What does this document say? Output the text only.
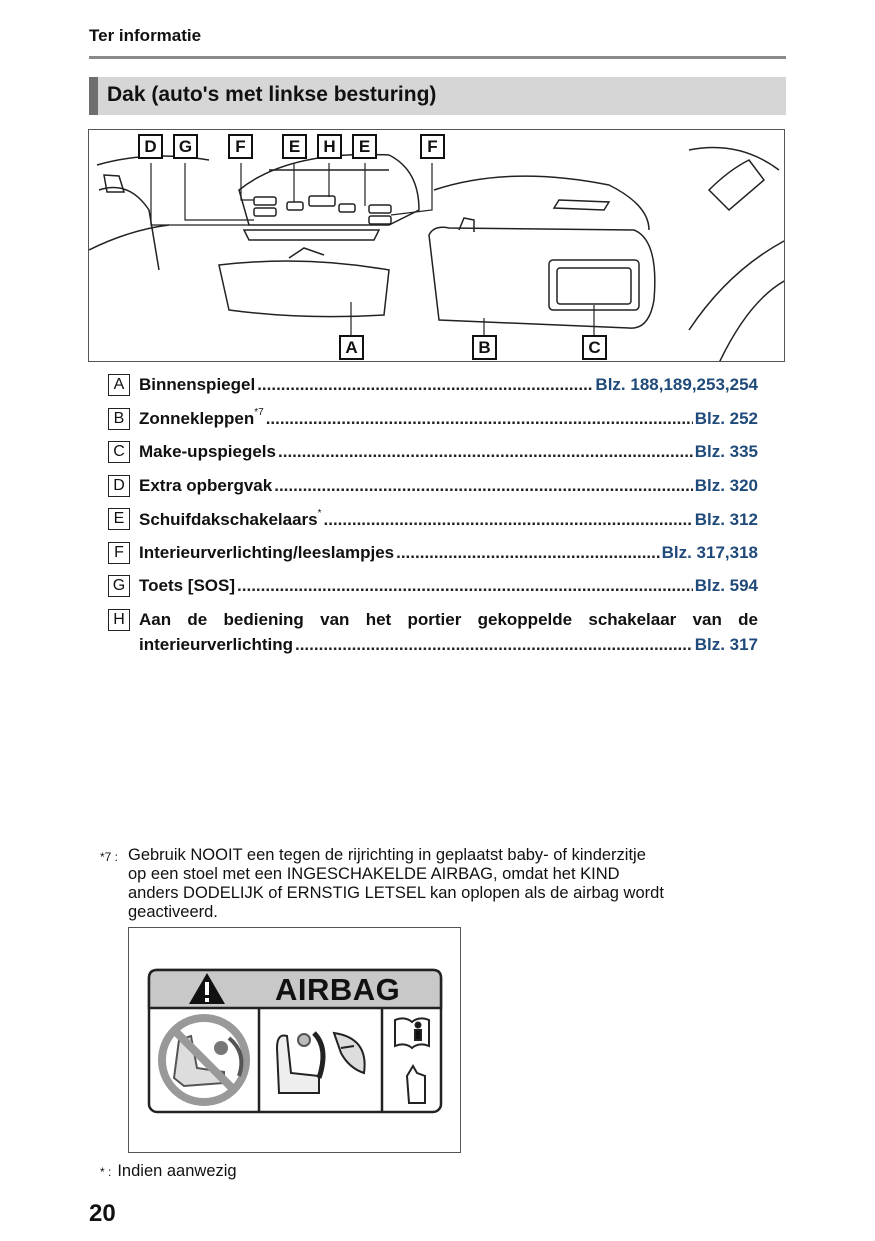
Ter informatie
Dak (auto's met linkse besturing)
D	G	F	E	H	E	F
A	B	C
A Binnenspiegel .....	Blz. 188,189,253,254
B Zonnekleppen$^{*7}$ .....	Blz. 252
C Make-upspiegels .....	Blz. 335
D Extra opbergvak .....	Blz. 320
E Schuifdakschakelaars* .....	Blz. 312
F Interieurverlichting/leeslampjes .....	Blz. 317,318
G Toets [SOS] .....	Blz. 594
H Aan de bediening van het portier gekoppelde schakelaar van de
interieurverlichting .....	Blz. 317
*7 : Gebruik NOOIT een tegen de rijrichting in geplaatst baby- of kinderzitje
op een stoel met een INGESCHAKELDE AIRBAG, omdat het KIND
anders DODELIJK of ERNSTIG LETSEL kan oplopen als de airbag wordt
geactiveerd.
AIRBAG
* : Indien aanwezig
20
